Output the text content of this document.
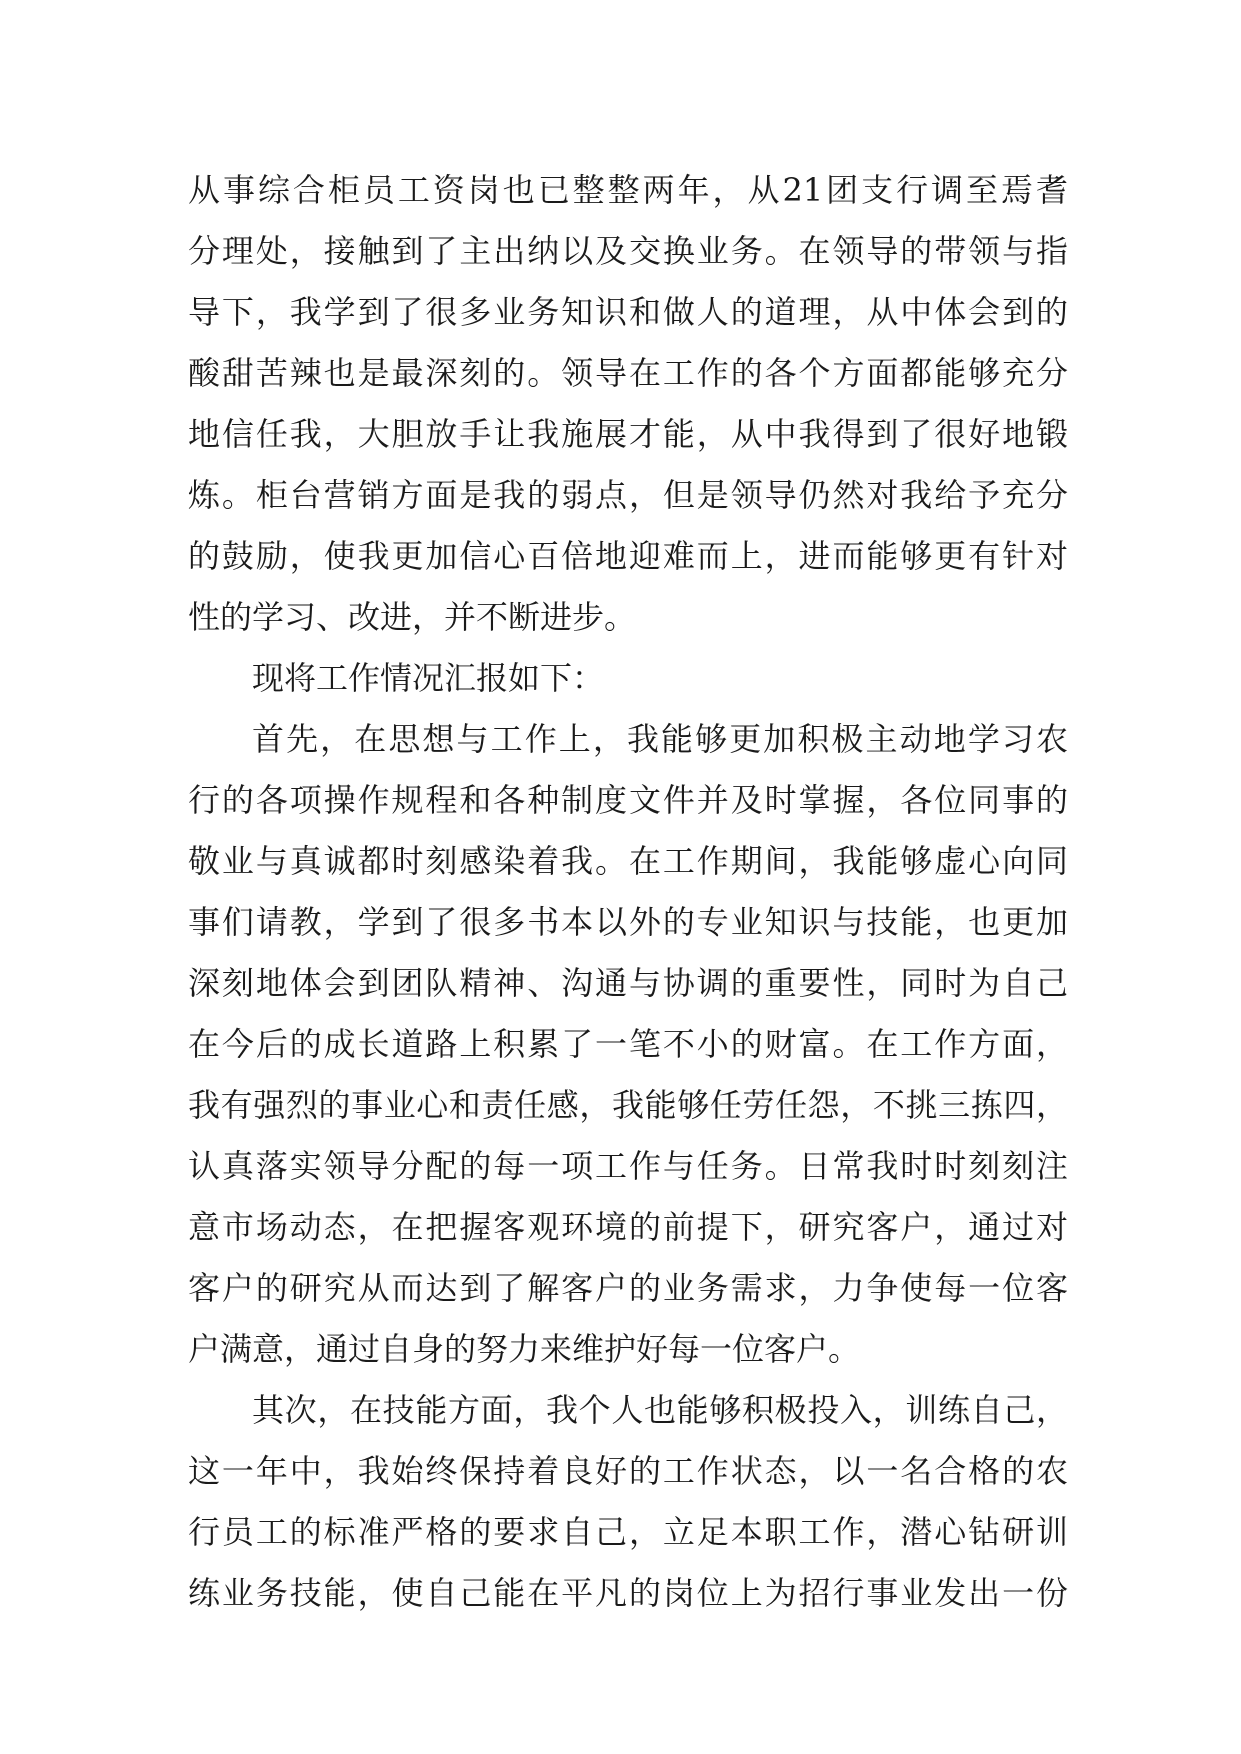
从事综合柜员工资岗也已整整两年，从21团支行调至焉耆
分理处，接触到了主出纳以及交换业务。在领导的带领与指
导下，我学到了很多业务知识和做人的道理，从中体会到的
酸甜苦辣也是最深刻的。领导在工作的各个方面都能够充分
地信任我，大胆放手让我施展才能，从中我得到了很好地锻
炼。柜台营销方面是我的弱点，但是领导仍然对我给予充分
的鼓励，使我更加信心百倍地迎难而上，进而能够更有针对
性的学习、改进，并不断进步。
现将工作情况汇报如下：
首先，在思想与工作上，我能够更加积极主动地学习农
行的各项操作规程和各种制度文件并及时掌握，各位同事的
敬业与真诚都时刻感染着我。在工作期间，我能够虚心向同
事们请教，学到了很多书本以外的专业知识与技能，也更加
深刻地体会到团队精神、沟通与协调的重要性，同时为自己
在今后的成长道路上积累了一笔不小的财富。在工作方面，
我有强烈的事业心和责任感，我能够任劳任怨，不挑三拣四，
认真落实领导分配的每一项工作与任务。日常我时时刻刻注
意市场动态，在把握客观环境的前提下，研究客户，通过对
客户的研究从而达到了解客户的业务需求，力争使每一位客
户满意，通过自身的努力来维护好每一位客户。
其次，在技能方面，我个人也能够积极投入，训练自己，
这一年中，我始终保持着良好的工作状态，以一名合格的农
行员工的标准严格的要求自己，立足本职工作，潜心钻研训
练业务技能，使自己能在平凡的岗位上为招行事业发出一份
